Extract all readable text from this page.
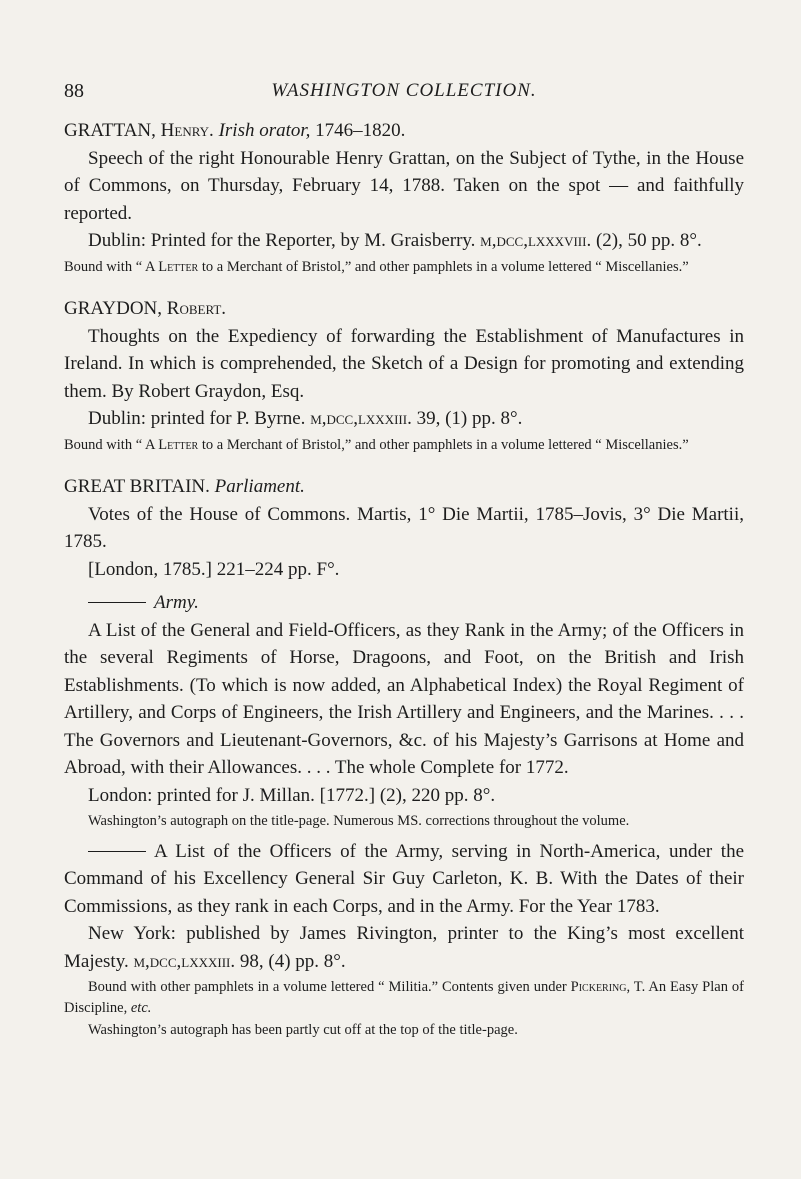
88	WASHINGTON COLLECTION.

GRATTAN, Henry. Irish orator, 1746–1820.

Speech of the right Honourable Henry Grattan, on the Subject of Tythe, in the House of Commons, on Thursday, February 14, 1788. Taken on the spot — and faithfully reported.

Dublin: Printed for the Reporter, by M. Graisberry. m,dcc,lxxxviii. (2), 50 pp. 8°.

Bound with “ A Letter to a Merchant of Bristol,” and other pamphlets in a volume lettered “ Miscellanies.”

GRAYDON, Robert.

Thoughts on the Expediency of forwarding the Establishment of Manufactures in Ireland. In which is comprehended, the Sketch of a Design for promoting and extending them. By Robert Graydon, Esq.

Dublin: printed for P. Byrne. m,dcc,lxxxiii. 39, (1) pp. 8°.

Bound with “ A Letter to a Merchant of Bristol,” and other pamphlets in a volume lettered “ Miscellanies.”

GREAT BRITAIN. Parliament.

Votes of the House of Commons. Martis, 1° Die Martii, 1785–Jovis, 3° Die Martii, 1785.

[London, 1785.] 221–224 pp. F°.

Army.

A List of the General and Field-Officers, as they Rank in the Army; of the Officers in the several Regiments of Horse, Dragoons, and Foot, on the British and Irish Establishments. (To which is now added, an Alphabetical Index) the Royal Regiment of Artillery, and Corps of Engineers, the Irish Artillery and Engineers, and the Marines. . . . The Governors and Lieutenant-Governors, &c. of his Majesty’s Garrisons at Home and Abroad, with their Allowances. . . . The whole Complete for 1772.

London: printed for J. Millan. [1772.] (2), 220 pp. 8°.

Washington’s autograph on the title-page. Numerous MS. corrections throughout the volume.

A List of the Officers of the Army, serving in North-America, under the Command of his Excellency General Sir Guy Carleton, K. B. With the Dates of their Commissions, as they rank in each Corps, and in the Army. For the Year 1783.

New York: published by James Rivington, printer to the King’s most excellent Majesty. m,dcc,lxxxiii. 98, (4) pp. 8°.

Bound with other pamphlets in a volume lettered “ Militia.” Contents given under Pickering, T. An Easy Plan of Discipline, etc.

Washington’s autograph has been partly cut off at the top of the title-page.
